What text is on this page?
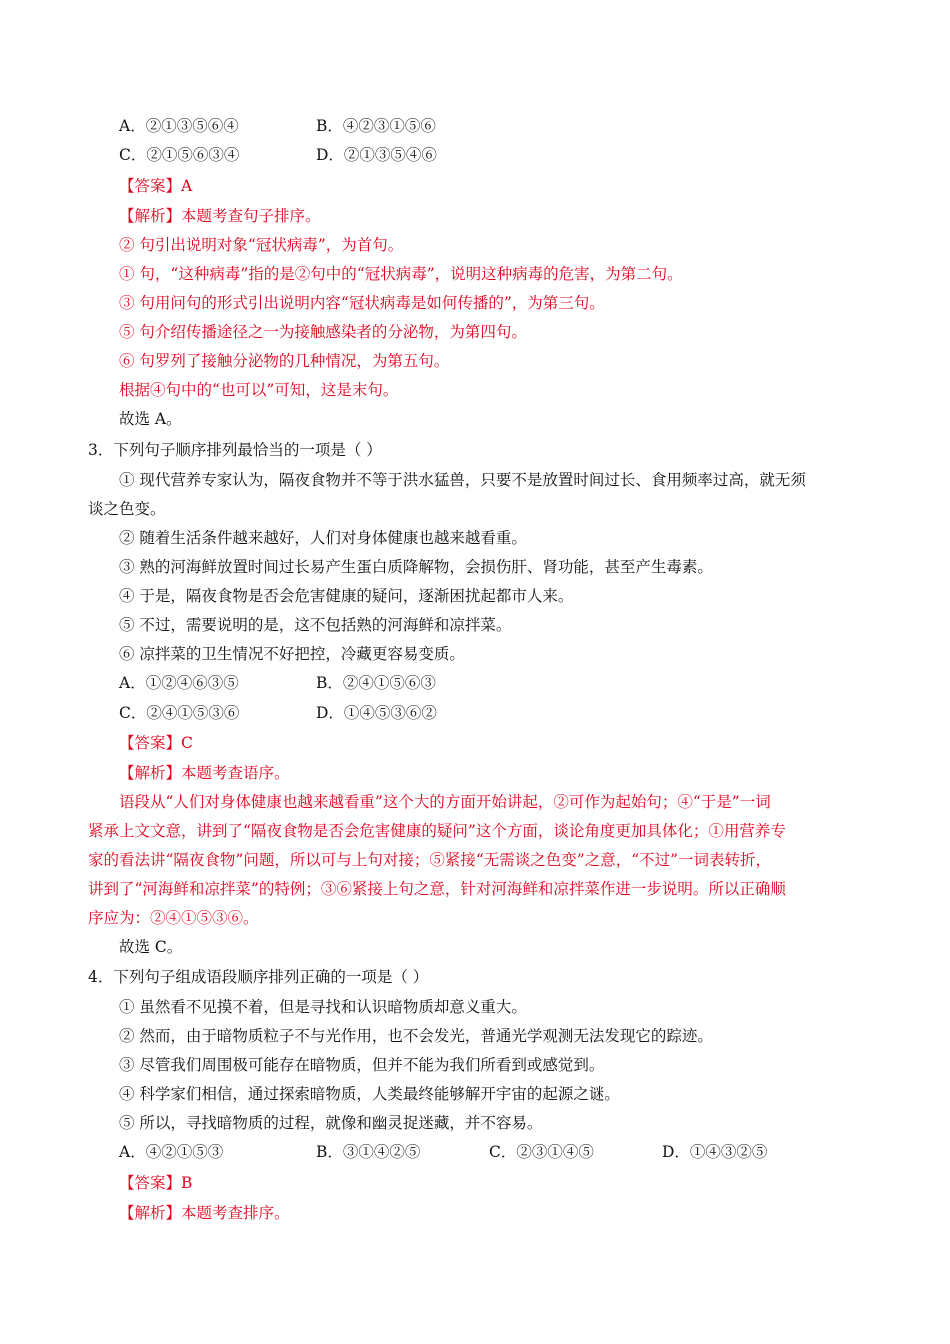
A．②①③⑤⑥④	B．④②③①⑤⑥
C．②①⑤⑥③④	D．②①③⑤④⑥
【答案】A
【解析】本题考查句子排序。
② 句引出说明对象“冠状病毒”，为首句。
① 句，“这种病毒”指的是②句中的“冠状病毒”，说明这种病毒的危害，为第二句。
③ 句用问句的形式引出说明内容“冠状病毒是如何传播的”，为第三句。
⑤ 句介绍传播途径之一为接触感染者的分泌物，为第四句。
⑥ 句罗列了接触分泌物的几种情况，为第五句。
根据④句中的“也可以”可知，这是末句。
故选 A。
3．下列句子顺序排列最恰当的一项是（ ）
① 现代营养专家认为，隔夜食物并不等于洪水猛兽，只要不是放置时间过长、食用频率过高，就无须
谈之色变。
② 随着生活条件越来越好，人们对身体健康也越来越看重。
③ 熟的河海鲜放置时间过长易产生蛋白质降解物，会损伤肝、肾功能，甚至产生毒素。
④ 于是，隔夜食物是否会危害健康的疑问，逐渐困扰起都市人来。
⑤ 不过，需要说明的是，这不包括熟的河海鲜和凉拌菜。
⑥ 凉拌菜的卫生情况不好把控，冷藏更容易变质。
A．①②④⑥③⑤	B．②④①⑤⑥③
C．②④①⑤③⑥	D．①④⑤③⑥②
【答案】C
【解析】本题考查语序。
语段从“人们对身体健康也越来越看重”这个大的方面开始讲起，②可作为起始句；④“于是”一词
紧承上文文意，讲到了“隔夜食物是否会危害健康的疑问”这个方面，谈论角度更加具体化；①用营养专
家的看法讲“隔夜食物”问题，所以可与上句对接；⑤紧接“无需谈之色变”之意，“不过”一词表转折，
讲到了“河海鲜和凉拌菜”的特例；③⑥紧接上句之意，针对河海鲜和凉拌菜作进一步说明。所以正确顺
序应为：②④①⑤③⑥。
故选 C。
4．下列句子组成语段顺序排列正确的一项是（ ）
① 虽然看不见摸不着，但是寻找和认识暗物质却意义重大。
② 然而，由于暗物质粒子不与光作用，也不会发光，普通光学观测无法发现它的踪迹。
③ 尽管我们周围极可能存在暗物质，但并不能为我们所看到或感觉到。
④ 科学家们相信，通过探索暗物质，人类最终能够解开宇宙的起源之谜。
⑤ 所以，寻找暗物质的过程，就像和幽灵捉迷藏，并不容易。
A．④②①⑤③	B．③①④②⑤	C．②③①④⑤	D．①④③②⑤
【答案】B
【解析】本题考查排序。
